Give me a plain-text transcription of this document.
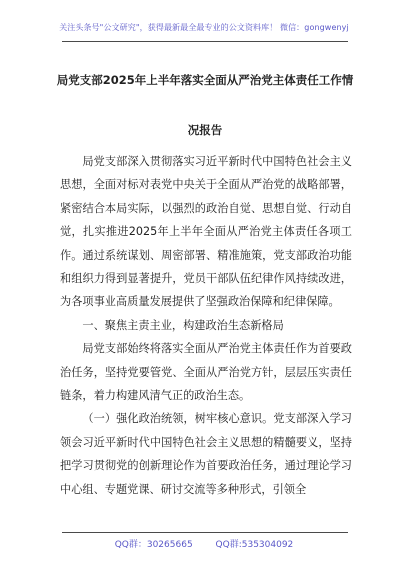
关注头条号"公文研究"，获得最新最全最专业的公文资料库！ 微信：gongwenyj
局党支部2025年上半年落实全面从严治党主体责任工作情
况报告

局党支部深入贯彻落实习近平新时代中国特色社会主义思想，全面对标对表党中央关于全面从严治党的战略部署，紧密结合本局实际，以强烈的政治自觉、思想自觉、行动自觉，扎实推进2025年上半年全面从严治党主体责任各项工作。通过系统谋划、周密部署、精准施策，党支部政治功能和组织力得到显著提升，党员干部队伍纪律作风持续改进，为各项事业高质量发展提供了坚强政治保障和纪律保障。

一、聚焦主责主业，构建政治生态新格局

局党支部始终将落实全面从严治党主体责任作为首要政治任务，坚持党要管党、全面从严治党方针，层层压实责任链条，着力构建风清气正的政治生态。

（一）强化政治统领，树牢核心意识。党支部深入学习领会习近平新时代中国特色社会主义思想的精髓要义，坚持把学习贯彻党的创新理论作为首要政治任务，通过理论学习中心组、专题党课、研讨交流等多种形式，引领全

QQ群：30265665	QQ群:535304092
